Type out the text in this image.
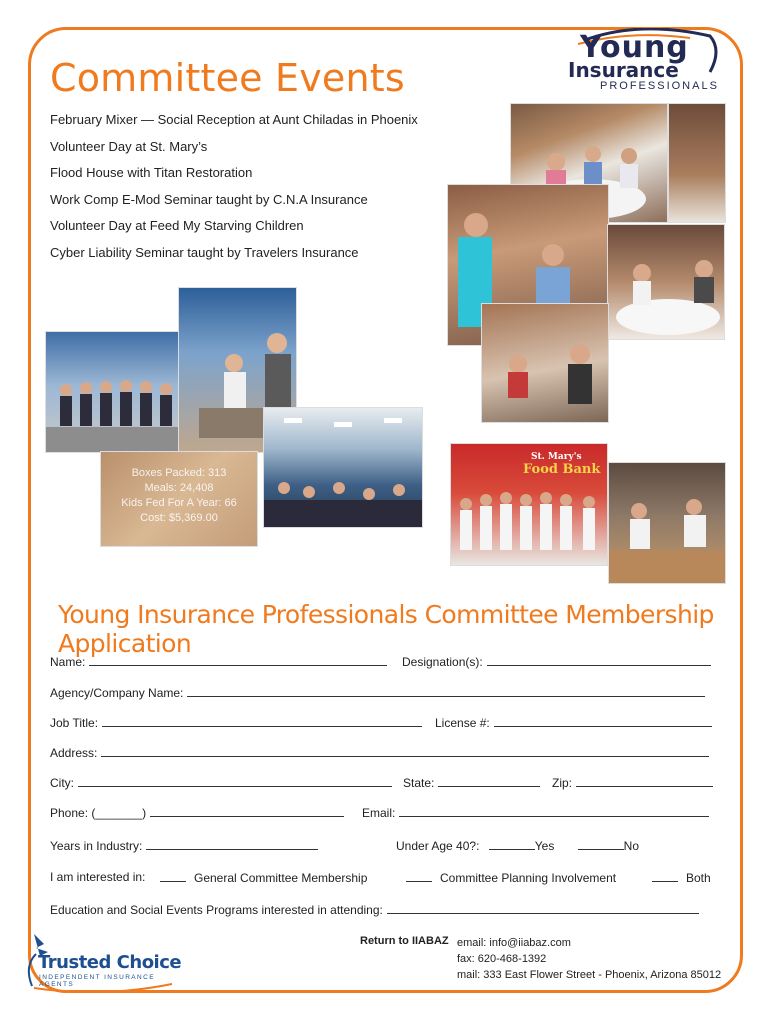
Committee Events
February Mixer — Social Reception at Aunt Chiladas in Phoenix
Volunteer Day at St. Mary’s
Flood House with Titan Restoration
Work Comp E-Mod Seminar taught by C.N.A Insurance
Volunteer Day at Feed My Starving Children
Cyber Liability Seminar taught by Travelers Insurance
Young
Insurance
PROFESSIONALS
Boxes Packed: 313
Meals: 24,408
Kids Fed For A Year: 66
Cost: $5,369.00
St. Mary's
Food Bank
Young Insurance Professionals Committee Membership Application
Name:	Designation(s):
Agency/Company Name:
Job Title:	License #:
Address:
City:	State:	Zip:
Phone: (_______)	Email:
Years in Industry:	Under Age 40?:	Yes	No
I am interested in:	General Committee Membership	Committee Planning Involvement	Both
Education and Social Events Programs interested in attending:
Trusted Choice
INDEPENDENT INSURANCE AGENTS
Return to IIABAZ email: info@iiabaz.com
fax: 620-468-1392
mail: 333 East Flower Street - Phoenix, Arizona 85012
